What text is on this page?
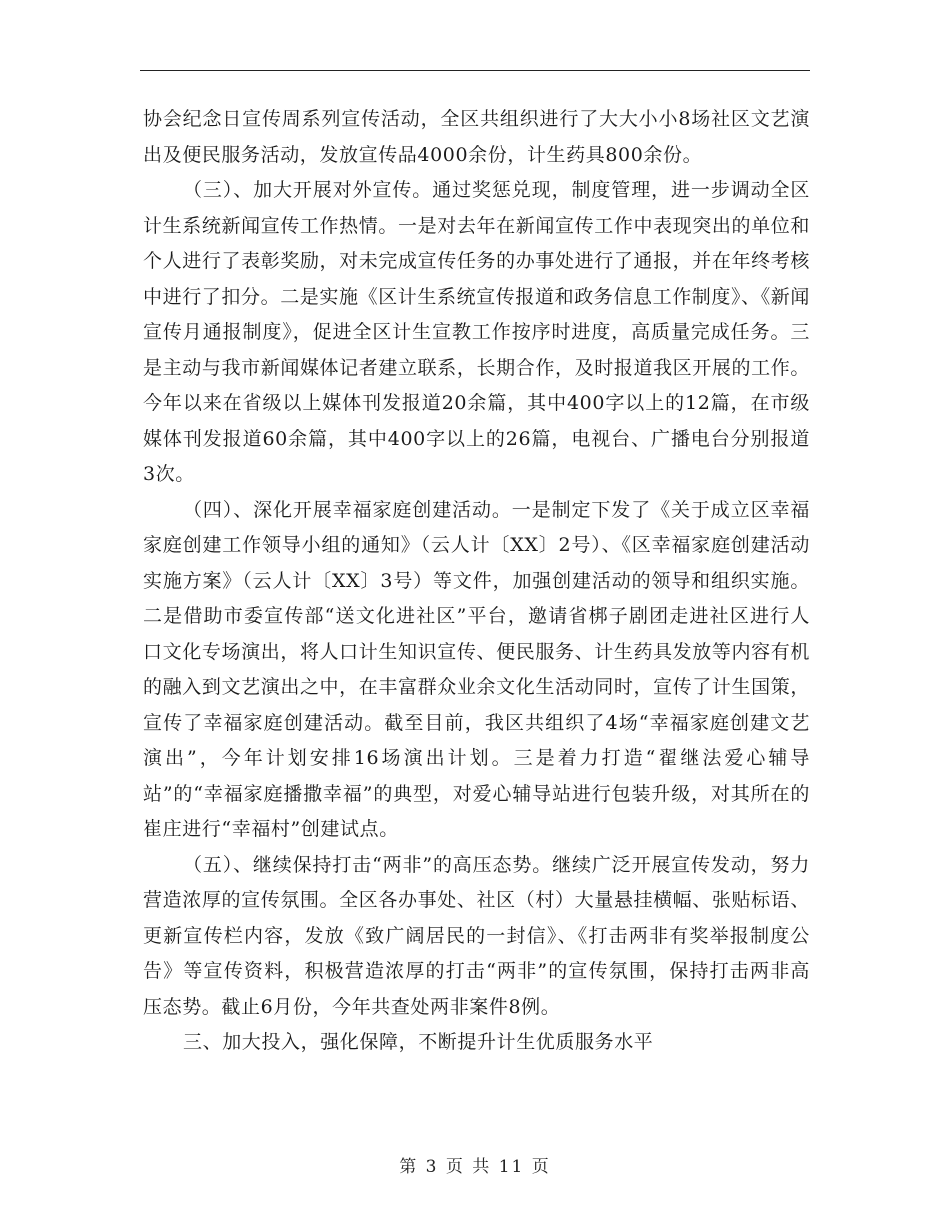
协会纪念日宣传周系列宣传活动，全区共组织进行了大大小小8场社区文艺演出及便民服务活动，发放宣传品4000余份，计生药具800余份。

（三）、加大开展对外宣传。通过奖惩兑现，制度管理，进一步调动全区计生系统新闻宣传工作热情。一是对去年在新闻宣传工作中表现突出的单位和个人进行了表彰奖励，对未完成宣传任务的办事处进行了通报，并在年终考核中进行了扣分。二是实施《区计生系统宣传报道和政务信息工作制度》、《新闻宣传月通报制度》，促进全区计生宣教工作按序时进度，高质量完成任务。三是主动与我市新闻媒体记者建立联系，长期合作，及时报道我区开展的工作。今年以来在省级以上媒体刊发报道20余篇，其中400字以上的12篇，在市级媒体刊发报道60余篇，其中400字以上的26篇，电视台、广播电台分别报道3次。

（四）、深化开展幸福家庭创建活动。一是制定下发了《关于成立区幸福家庭创建工作领导小组的通知》（云人计〔XX〕2号）、《区幸福家庭创建活动实施方案》（云人计〔XX〕3号）等文件，加强创建活动的领导和组织实施。二是借助市委宣传部“送文化进社区”平台，邀请省梆子剧团走进社区进行人口文化专场演出，将人口计生知识宣传、便民服务、计生药具发放等内容有机的融入到文艺演出之中，在丰富群众业余文化生活动同时，宣传了计生国策，宣传了幸福家庭创建活动。截至目前，我区共组织了4场“幸福家庭创建文艺演出”，今年计划安排16场演出计划。三是着力打造“翟继法爱心辅导站”的“幸福家庭播撒幸福”的典型，对爱心辅导站进行包装升级，对其所在的崔庄进行“幸福村”创建试点。

（五）、继续保持打击“两非”的高压态势。继续广泛开展宣传发动，努力营造浓厚的宣传氛围。全区各办事处、社区（村）大量悬挂横幅、张贴标语、更新宣传栏内容，发放《致广阔居民的一封信》、《打击两非有奖举报制度公告》等宣传资料，积极营造浓厚的打击“两非”的宣传氛围，保持打击两非高压态势。截止6月份，今年共查处两非案件8例。

三、加大投入，强化保障，不断提升计生优质服务水平

第 3 页 共 11 页
